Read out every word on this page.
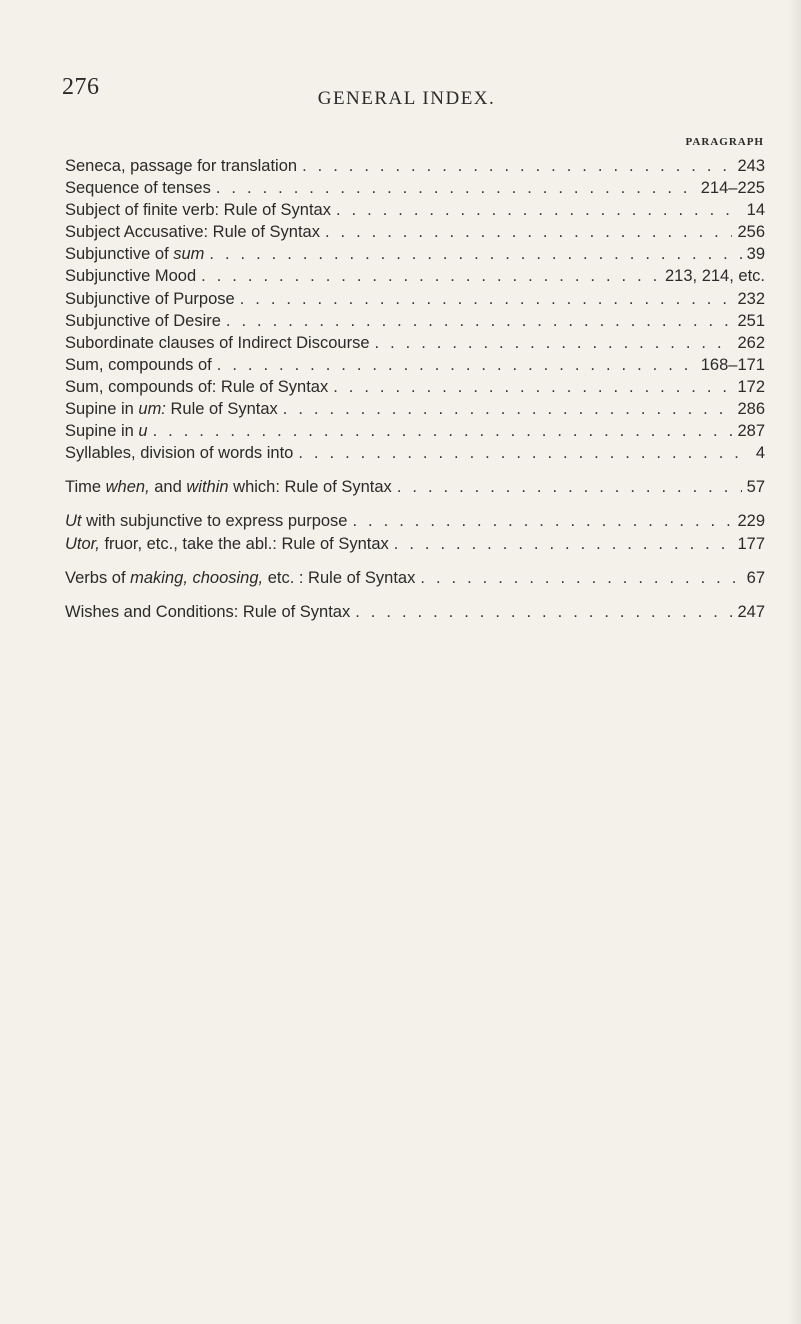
276	GENERAL INDEX.
PARAGRAPH
Seneca, passage for translation . . .	243
Sequence of tenses . . .	214–225
Subject of finite verb: Rule of Syntax . . .	14
Subject Accusative: Rule of Syntax . . .	256
Subjunctive of sum . . .	39
Subjunctive Mood . . .	213, 214, etc.
Subjunctive of Purpose . . .	232
Subjunctive of Desire . . .	251
Subordinate clauses of Indirect Discourse . . .	262
Sum, compounds of . . .	168–171
Sum, compounds of: Rule of Syntax . . .	172
Supine in um: Rule of Syntax . . .	286
Supine in u . . .	287
Syllables, division of words into . . .	4
Time when, and within which: Rule of Syntax . . .	57
Ut with subjunctive to express purpose . . .	229
Utor, fruor, etc., take the abl.: Rule of Syntax . . .	177
Verbs of making, choosing, etc. : Rule of Syntax . . .	67
Wishes and Conditions: Rule of Syntax . . .	247
